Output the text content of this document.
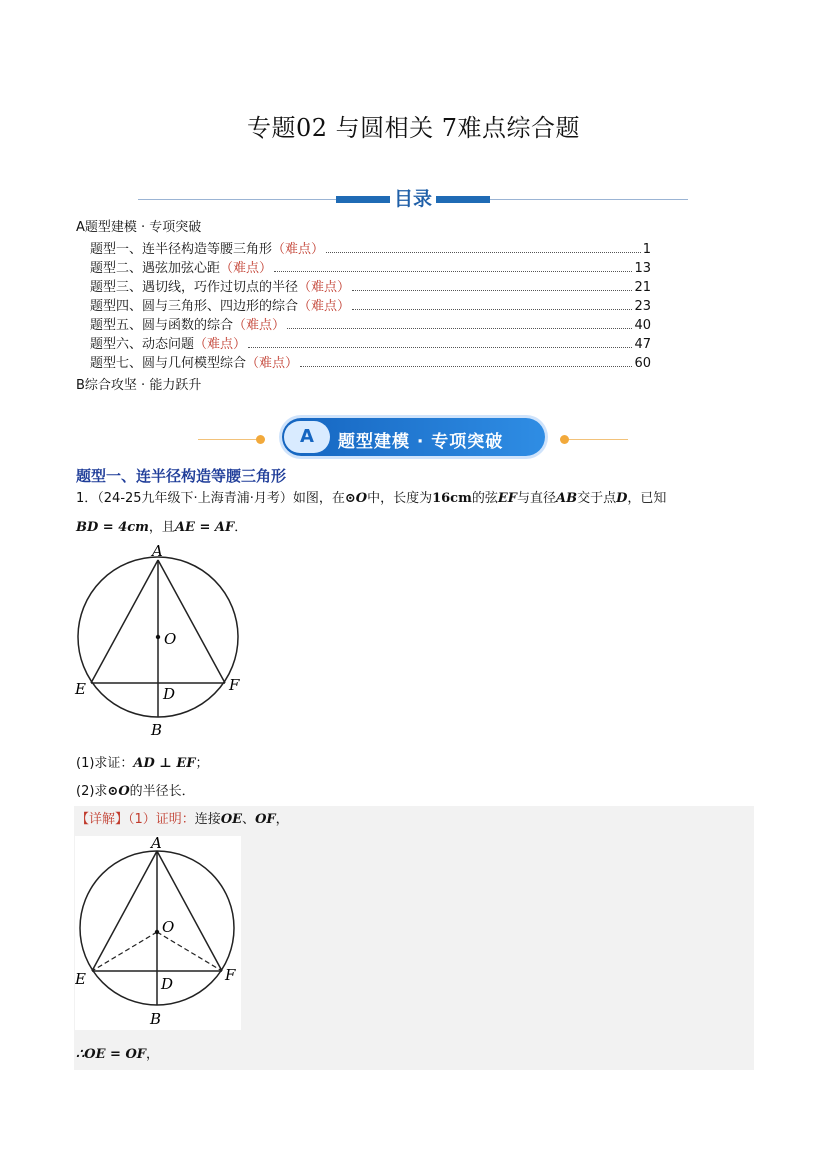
专题02 与圆相关 7难点综合题
目录
A题型建模 · 专项突破
题型一、连半径构造等腰三角形 （难点）	1
题型二、遇弦加弦心距 （难点）	13
题型三、遇切线，巧作过切点的半径 （难点）	21
题型四、圆与三角形、四边形的综合 （难点）	23
题型五、圆与函数的综合 （难点）	40
题型六、动态问题 （难点）	47
题型七、圆与几何模型综合 （难点）	60
B综合攻坚 · 能力跃升
A	题型建模 · 专项突破
题型一、连半径构造等腰三角形
1．（24-25九年级下·上海青浦·月考）如图，在⊙O中，长度为16cm的弦EF与直径AB交于点D，已知
BD = 4cm，且AE = AF．
A
O
E	F
D
B
(1)求证：AD ⊥ EF；
(2)求⊙O的半径长．
【详解】（1）证明：连接OE、OF，
A
O
E	F
D
B
∴OE = OF，
